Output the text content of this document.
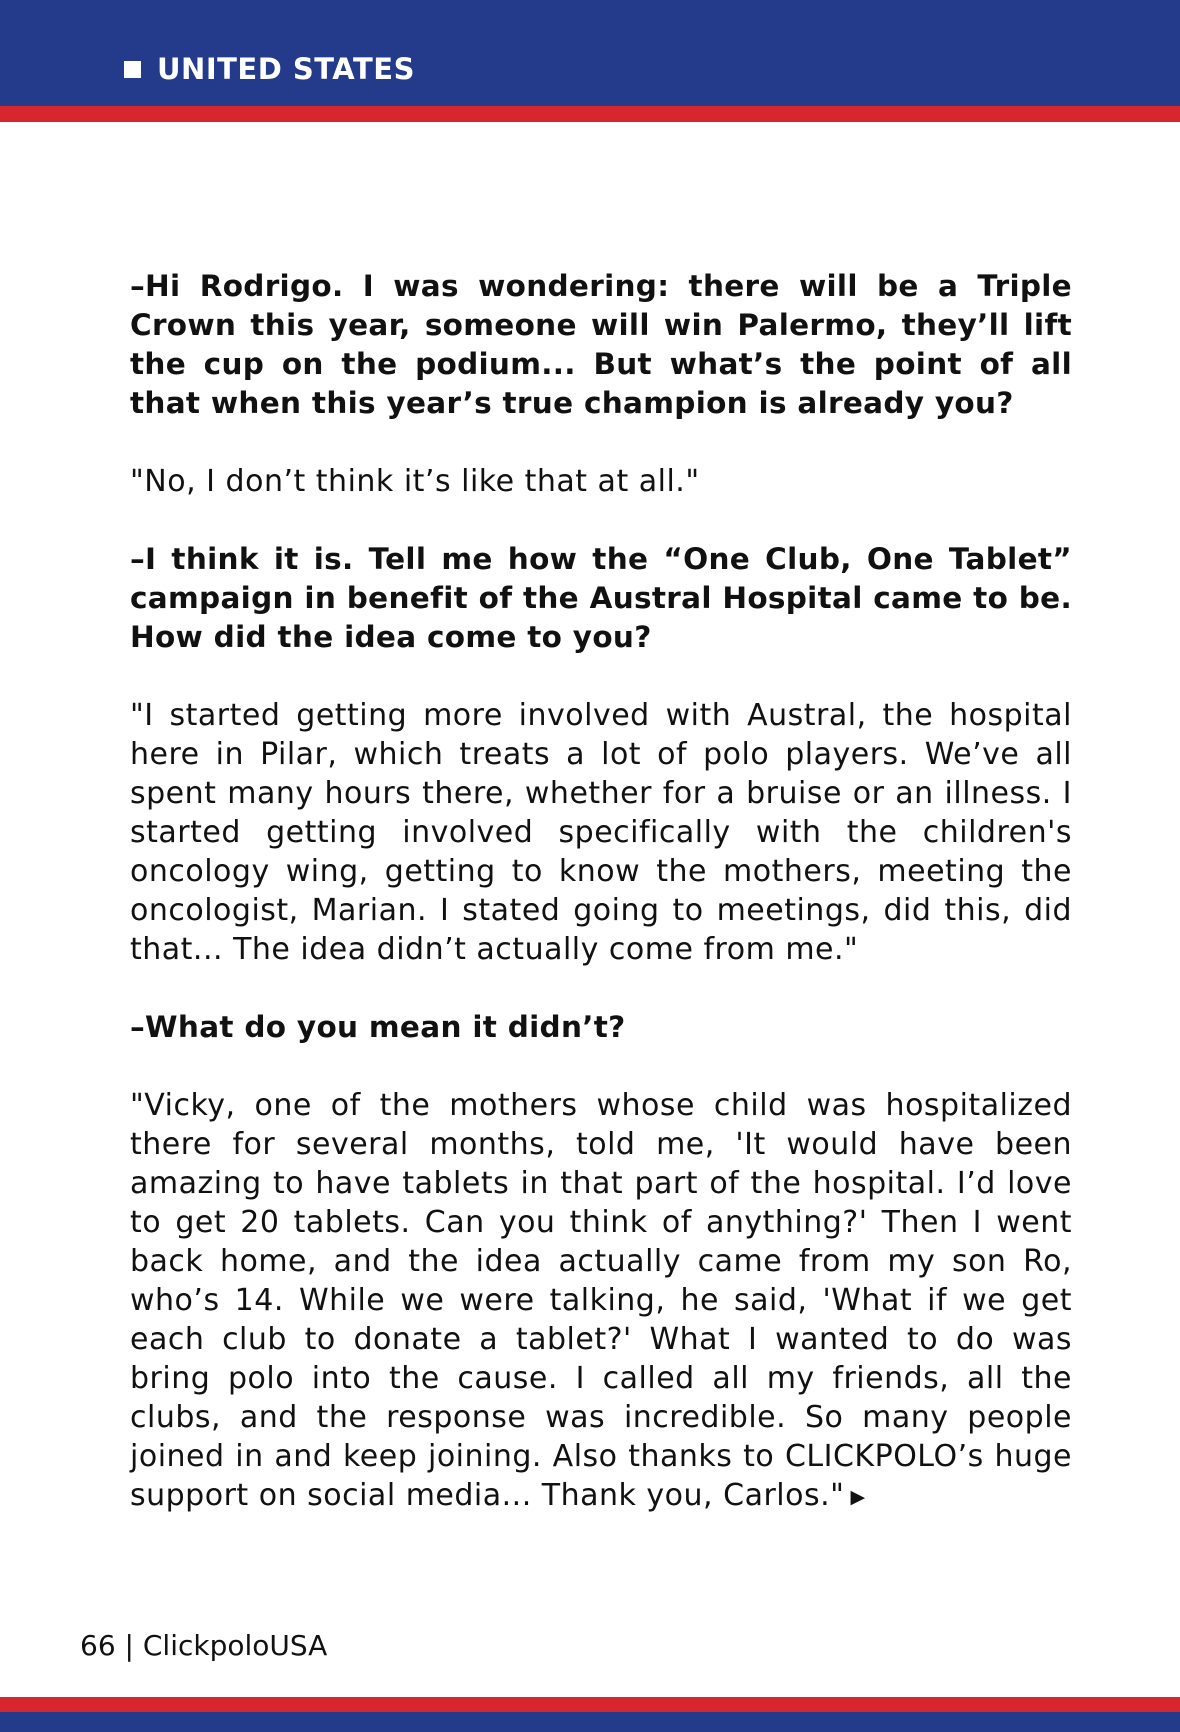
UNITED STATES

–Hi Rodrigo. I was wondering: there will be a Triple Crown this year, someone will win Palermo, they’ll lift the cup on the podium... But what’s the point of all that when this year’s true champion is already you?

"No, I don’t think it’s like that at all."

–I think it is. Tell me how the “One Club, One Tablet” campaign in benefit of the Austral Hospital came to be. How did the idea come to you?

"I started getting more involved with Austral, the hospital here in Pilar, which treats a lot of polo players. We’ve all spent many hours there, whether for a bruise or an illness. I started getting involved specifically with the children's oncology wing, getting to know the mothers, meeting the oncologist, Marian. I stated going to meetings, did this, did that... The idea didn’t actually come from me."

–What do you mean it didn’t?

"Vicky, one of the mothers whose child was hospitalized there for several months, told me, 'It would have been amazing to have tablets in that part of the hospital. I’d love to get 20 tablets. Can you think of anything?' Then I went back home, and the idea actually came from my son Ro, who’s 14. While we were talking, he said, 'What if we get each club to donate a tablet?' What I wanted to do was bring polo into the cause. I called all my friends, all the clubs, and the response was incredible. So many people joined in and keep joining. Also thanks to CLICKPOLO’s huge support on social media... Thank you, Carlos." ▶

66 | ClickpoloUSA
